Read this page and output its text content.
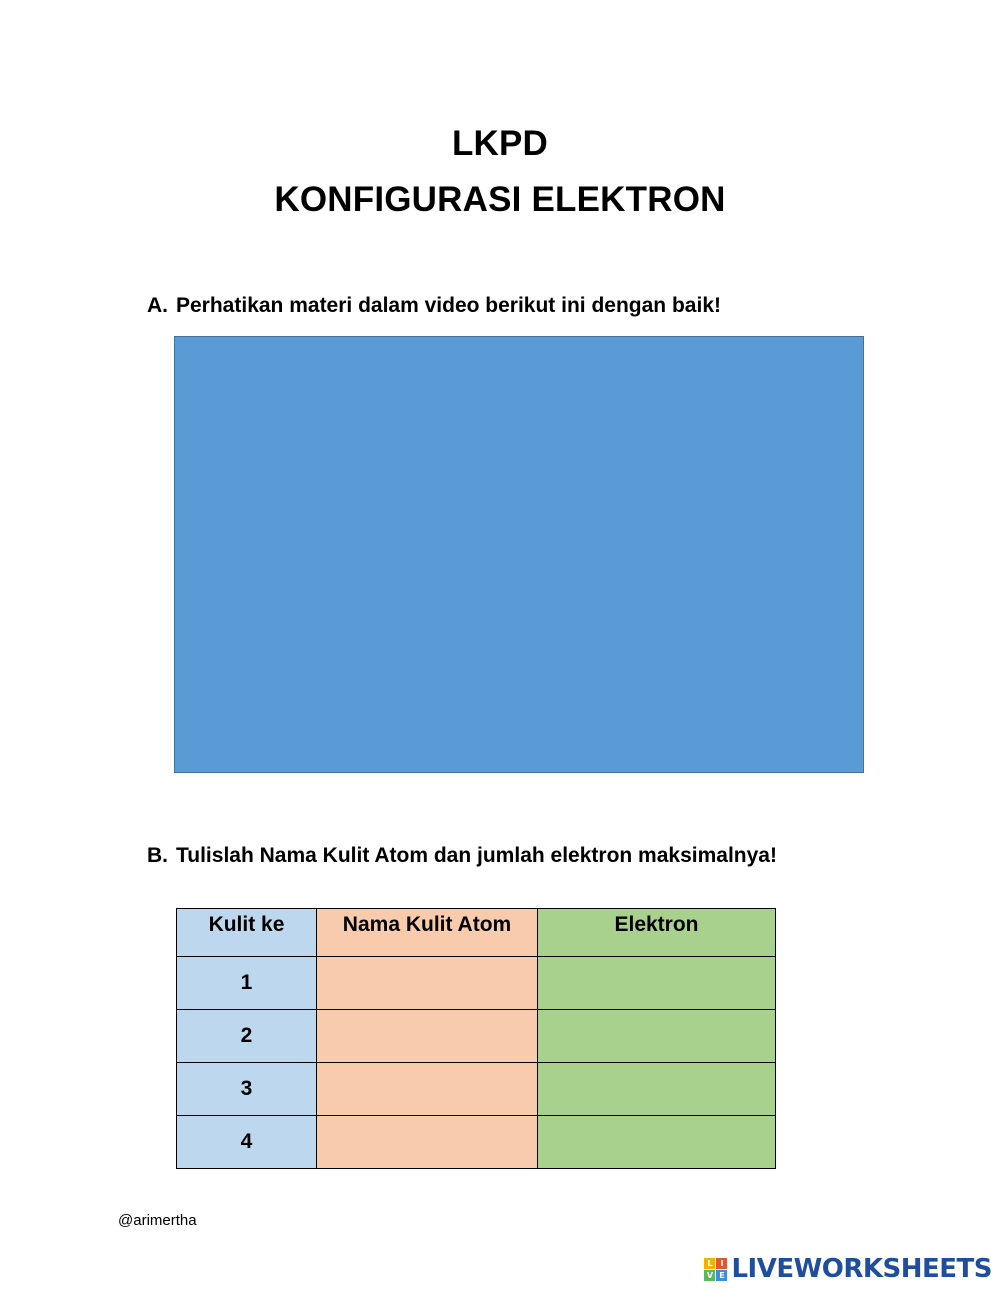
LKPD
KONFIGURASI ELEKTRON
A. Perhatikan materi dalam video berikut ini dengan baik!
B. Tulislah Nama Kulit Atom dan jumlah elektron maksimalnya!
Kulit ke	Nama Kulit Atom	Elektron
1		
2		
3		
4		
@arimertha
L I
V E LIVEWORKSHEETS
